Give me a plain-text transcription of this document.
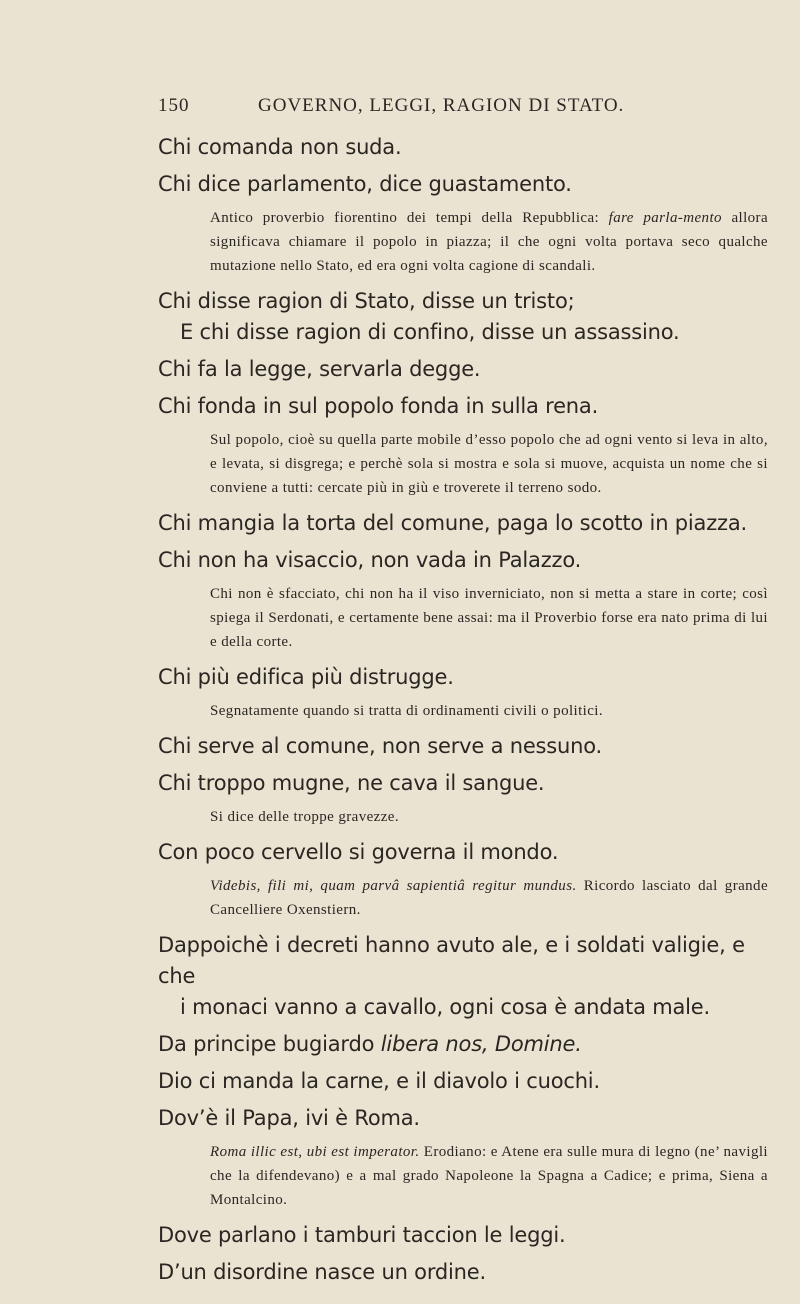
150	GOVERNO, LEGGI, RAGION DI STATO.

Chi comanda non suda.

Chi dice parlamento, dice guastamento.

Antico proverbio fiorentino dei tempi della Repubblica: fare parla-mento allora significava chiamare il popolo in piazza; il che ogni volta portava seco qualche mutazione nello Stato, ed era ogni volta cagione di scandali.

Chi disse ragion di Stato, disse un tristo;

E chi disse ragion di confino, disse un assassino.

Chi fa la legge, servarla degge.

Chi fonda in sul popolo fonda in sulla rena.

Sul popolo, cioè su quella parte mobile d’esso popolo che ad ogni vento si leva in alto, e levata, si disgrega; e perchè sola si mostra e sola si muove, acquista un nome che si conviene a tutti: cercate più in giù e troverete il terreno sodo.

Chi mangia la torta del comune, paga lo scotto in piazza.

Chi non ha visaccio, non vada in Palazzo.

Chi non è sfacciato, chi non ha il viso inverniciato, non si metta a stare in corte; così spiega il Serdonati, e certamente bene assai: ma il Proverbio forse era nato prima di lui e della corte.

Chi più edifica più distrugge.

Segnatamente quando si tratta di ordinamenti civili o politici.

Chi serve al comune, non serve a nessuno.

Chi troppo mugne, ne cava il sangue.

Si dice delle troppe gravezze.

Con poco cervello si governa il mondo.

Videbis, fili mi, quam parvâ sapientiâ regitur mundus. Ricordo lasciato dal grande Cancelliere Oxenstiern.

Dappoichè i decreti hanno avuto ale, e i soldati valigie, e che

i monaci vanno a cavallo, ogni cosa è andata male.

Da principe bugiardo libera nos, Domine.

Dio ci manda la carne, e il diavolo i cuochi.

Dov’è il Papa, ivi è Roma.

Roma illic est, ubi est imperator. Erodiano: e Atene era sulle mura di legno (ne’ navigli che la difendevano) e a mal grado Napoleone la Spagna a Cadice; e prima, Siena a Montalcino.

Dove parlano i tamburi taccion le leggi.

D’un disordine nasce un ordine.
